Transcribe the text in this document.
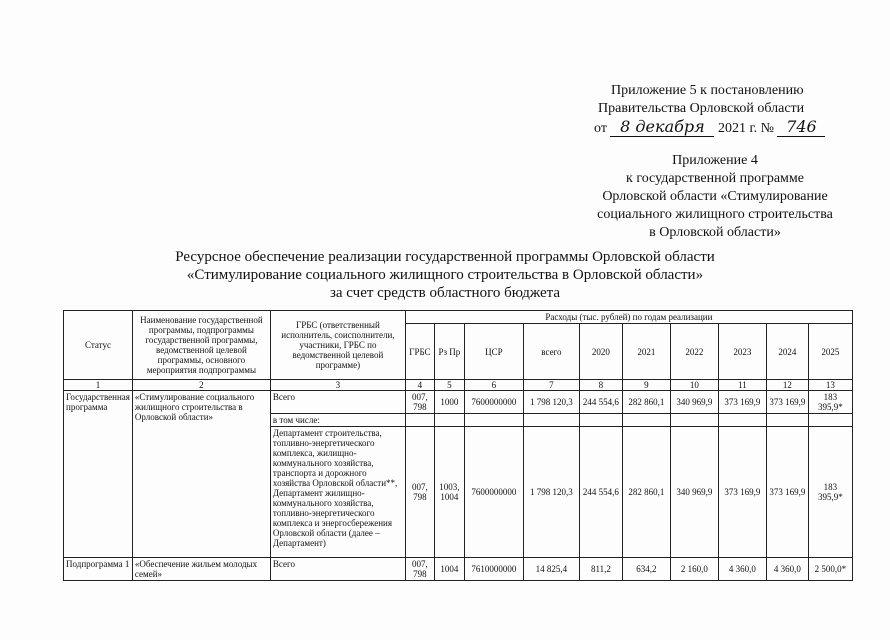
Приложение 5 к постановлению
Правительства Орловской области
от 8 декабря 2021 г. № 746
Приложение 4
к государственной программе
Орловской области «Стимулирование
социального жилищного строительства
в Орловской области»
Ресурсное обеспечение реализации государственной программы Орловской области
«Стимулирование социального жилищного строительства в Орловской области»
за счет средств областного бюджета
Статус	Наименование государственной программы, подпрограммы государственной программы, ведомственной целевой программы, основного мероприятия подпрограммы	ГРБС (ответственный исполнитель, соисполнители, участники, ГРБС по ведомственной целевой программе)	Расходы (тыс. рублей) по годам реализации									
			ГРБС	Рз Пр	ЦСР	всего	2020	2021	2022	2023	2024	2025
1	2	3	4	5	6	7	8	9	10	11	12	13
Государственная программа	«Стимулирование социального жилищного строительства в Орловской области»	Всего	007, 798	1000	7600000000	1 798 120,3	244 554,6	282 860,1	340 969,9	373 169,9	373 169,9	183 395,9*
		в том числе:										
		Департамент строительства, топливно-энергетического комплекса, жилищно-коммунального хозяйства, транспорта и дорожного хозяйства Орловской области**, Департамент жилищно-коммунального хозяйства, топливно-энергетического комплекса и энергосбережения Орловской области (далее – Департамент)	007, 798	1003, 1004	7600000000	1 798 120,3	244 554,6	282 860,1	340 969,9	373 169,9	373 169,9	183 395,9*
Подпрограмма 1	«Обеспечение жильем молодых семей»	Всего	007, 798	1004	7610000000	14 825,4	811,2	634,2	2 160,0	4 360,0	4 360,0	2 500,0*
